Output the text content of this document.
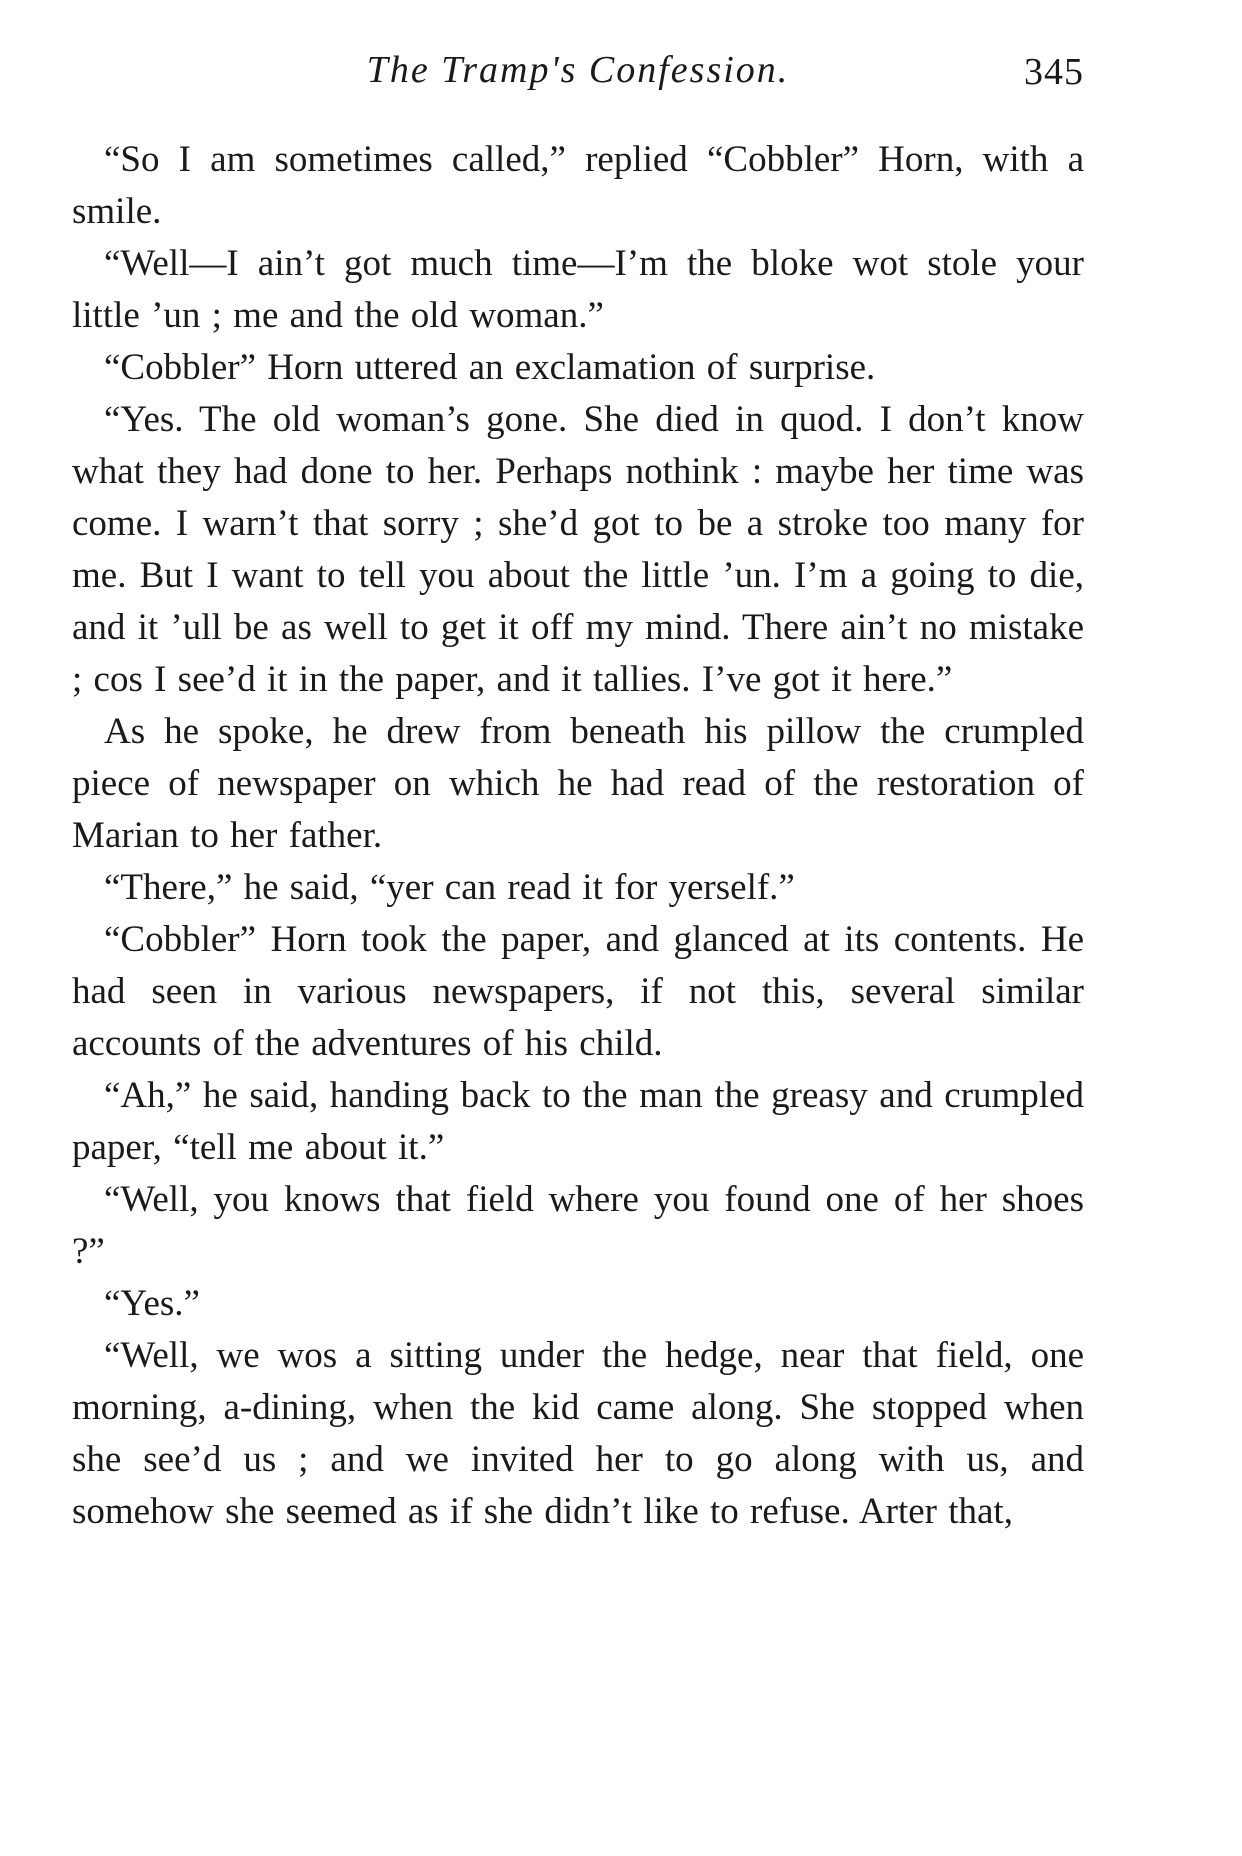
The Tramp's Confession.	345

“So I am sometimes called,” replied “Cobbler” Horn, with a smile.

“Well—I ain’t got much time—I’m the bloke wot stole your little ’un ; me and the old woman.”

“Cobbler” Horn uttered an exclamation of surprise.

“Yes. The old woman’s gone. She died in quod. I don’t know what they had done to her. Perhaps nothink : maybe her time was come. I warn’t that sorry ; she’d got to be a stroke too many for me. But I want to tell you about the little ’un. I’m a going to die, and it ’ull be as well to get it off my mind. There ain’t no mistake ; cos I see’d it in the paper, and it tallies. I’ve got it here.”

As he spoke, he drew from beneath his pillow the crumpled piece of newspaper on which he had read of the restoration of Marian to her father.

“There,” he said, “yer can read it for yerself.”

“Cobbler” Horn took the paper, and glanced at its contents. He had seen in various newspapers, if not this, several similar accounts of the adventures of his child.

“Ah,” he said, handing back to the man the greasy and crumpled paper, “tell me about it.”

“Well, you knows that field where you found one of her shoes ?”

“Yes.”

“Well, we wos a sitting under the hedge, near that field, one morning, a-dining, when the kid came along. She stopped when she see’d us ; and we invited her to go along with us, and somehow she seemed as if she didn’t like to refuse. Arter that,
